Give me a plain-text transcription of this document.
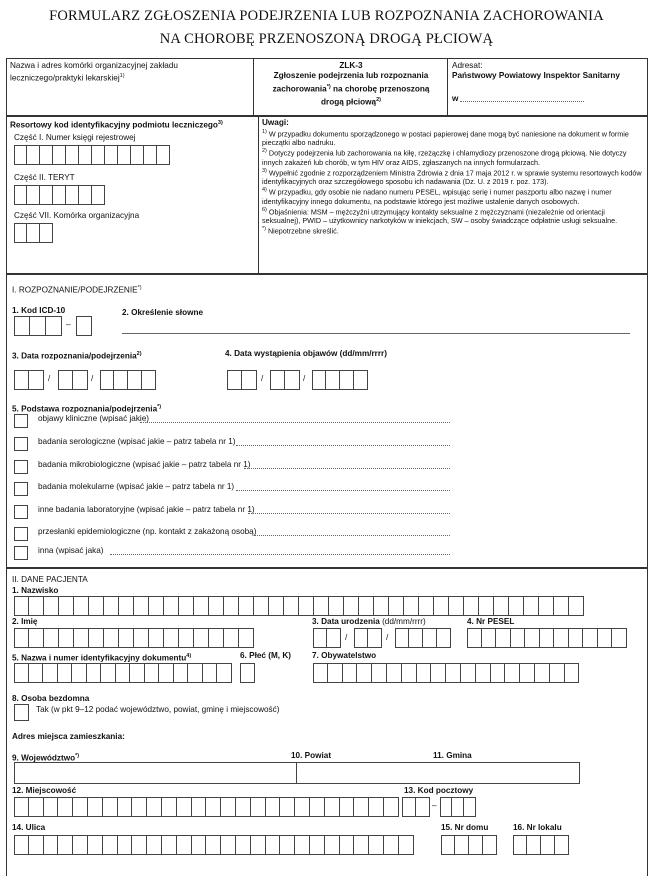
FORMULARZ ZGŁOSZENIA PODEJRZENIA LUB ROZPOZNANIA ZACHOROWANIA
NA CHOROBĘ PRZENOSZONĄ DROGĄ PŁCIOWĄ
Nazwa i adres komórki organizacyjnej zakładu leczniczego/praktyki lekarskiej$^{1)}$
ZLK-3
Zgłoszenie podejrzenia lub rozpoznania
zachorowania*) na chorobę przenoszoną
drogą płciową$^{2)}$
Adresat:
Państwowy Powiatowy Inspektor Sanitarny
w
Resortowy kod identyfikacyjny podmiotu leczniczego$^{3)}$
Część I. Numer księgi rejestrowej
Część II. TERYT
Część VII. Komórka organizacyjna
Uwagi:
$^{1)}$ W przypadku dokumentu sporządzonego w postaci papierowej dane mogą być naniesione na dokument w formie pieczątki albo nadruku.
$^{2)}$ Dotyczy podejrzenia lub zachorowania na kiłę, rzeżączkę i chlamydiozy przenoszone drogą płciową. Nie dotyczy innych zakażeń lub chorób, w tym HIV oraz AIDS, zgłaszanych na innych formularzach.
$^{3)}$ Wypełnić zgodnie z rozporządzeniem Ministra Zdrowia z dnia 17 maja 2012 r. w sprawie systemu resortowych kodów identyfikacyjnych oraz szczegółowego sposobu ich nadawania (Dz. U. z 2019 r. poz. 173).
$^{4)}$ W przypadku, gdy osobie nie nadano numeru PESEL, wpisując serię i numer paszportu albo nazwę i numer identyfikacyjny innego dokumentu, na podstawie którego jest możliwe ustalenie danych osobowych.
$^{6)}$ Objaśnienia: MSM – mężczyźni utrzymujący kontakty seksualne z mężczyznami (niezależnie od orientacji seksualnej), PWID – użytkownicy narkotyków w iniekcjach, SW – osoby świadczące odpłatnie usługi seksualne.
*) Niepotrzebne skreślić.
I. ROZPOZNANIE/PODEJRZENIE*)
1. Kod ICD-10
–
2. Określenie słowne
3. Data rozpoznania/podejrzenia$^{2)}$
/	/
4. Data wystąpienia objawów (dd/mm/rrrr)
/	/
5. Podstawa rozpoznania/podejrzenia*)
objawy kliniczne (wpisać jakie)
badania serologiczne (wpisać jakie – patrz tabela nr 1)
badania mikrobiologiczne (wpisać jakie – patrz tabela nr 1)
badania molekularne (wpisać jakie – patrz tabela nr 1)
inne badania laboratoryjne (wpisać jakie – patrz tabela nr 1)
przesłanki epidemiologiczne (np. kontakt z zakażoną osobą)
inna (wpisać jaka)
II. DANE PACJENTA
1. Nazwisko
2. Imię	3. Data urodzenia (dd/mm/rrrr)
/	/
4. Nr PESEL
5. Nazwa i numer identyfikacyjny dokumentu$^{4)}$	6. Płeć (M, K)	7. Obywatelstwo
8. Osoba bezdomna
Tak (w pkt 9–12 podać województwo, powiat, gminę i miejscowość)
Adres miejsca zamieszkania:
9. Województwo*)	10. Powiat	11. Gmina
12. Miejscowość	13. Kod pocztowy
–
14. Ulica	15. Nr domu	16. Nr lokalu
